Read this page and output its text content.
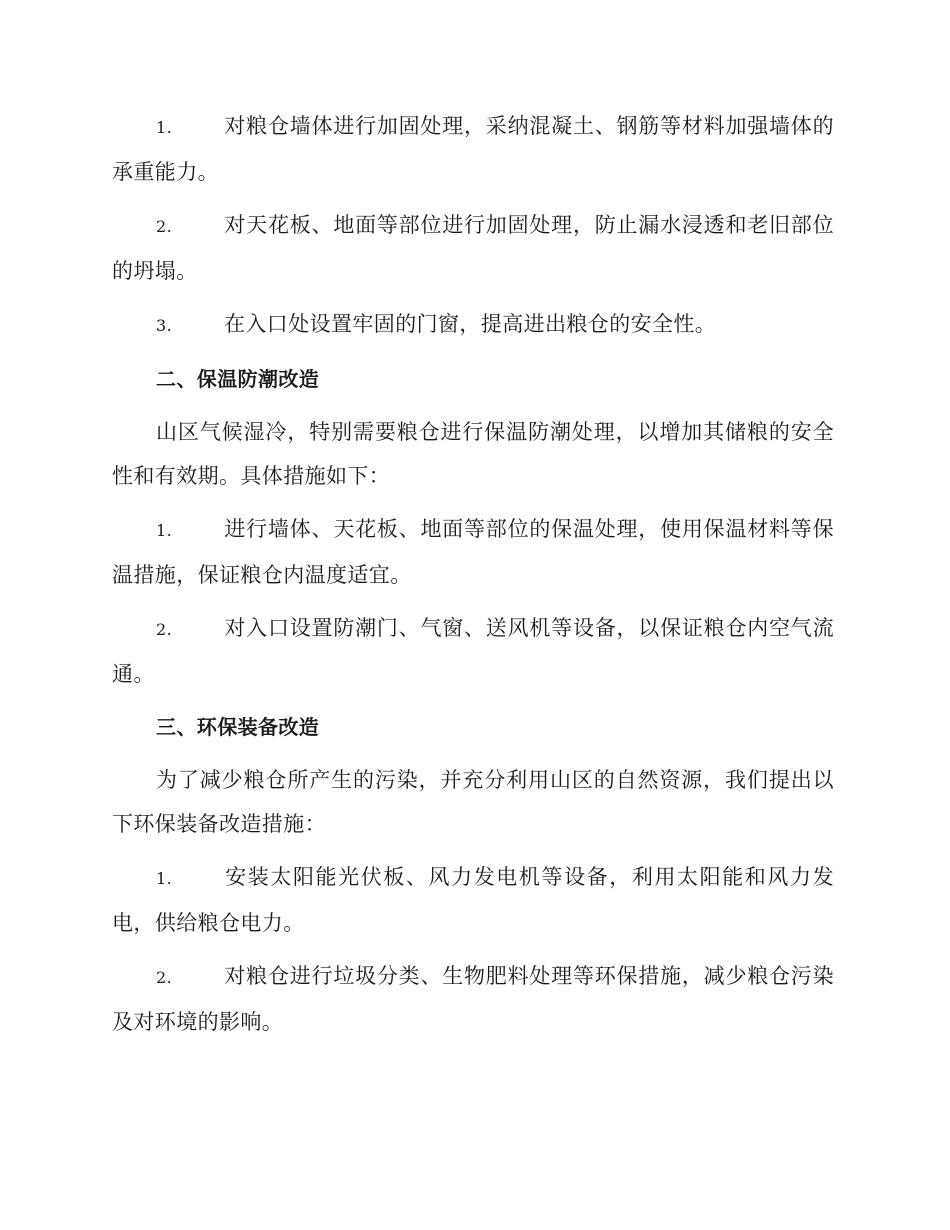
1. 对粮仓墙体进行加固处理，采纳混凝土、钢筋等材料加强墙体的承重能力。

2. 对天花板、地面等部位进行加固处理，防止漏水浸透和老旧部位的坍塌。

3. 在入口处设置牢固的门窗，提高进出粮仓的安全性。

二、保温防潮改造

山区气候湿冷，特别需要粮仓进行保温防潮处理，以增加其储粮的安全性和有效期。具体措施如下：

1. 进行墙体、天花板、地面等部位的保温处理，使用保温材料等保温措施，保证粮仓内温度适宜。

2. 对入口设置防潮门、气窗、送风机等设备，以保证粮仓内空气流通。

三、环保装备改造

为了减少粮仓所产生的污染，并充分利用山区的自然资源，我们提出以下环保装备改造措施：

1. 安装太阳能光伏板、风力发电机等设备，利用太阳能和风力发电，供给粮仓电力。

2. 对粮仓进行垃圾分类、生物肥料处理等环保措施，减少粮仓污染及对环境的影响。
